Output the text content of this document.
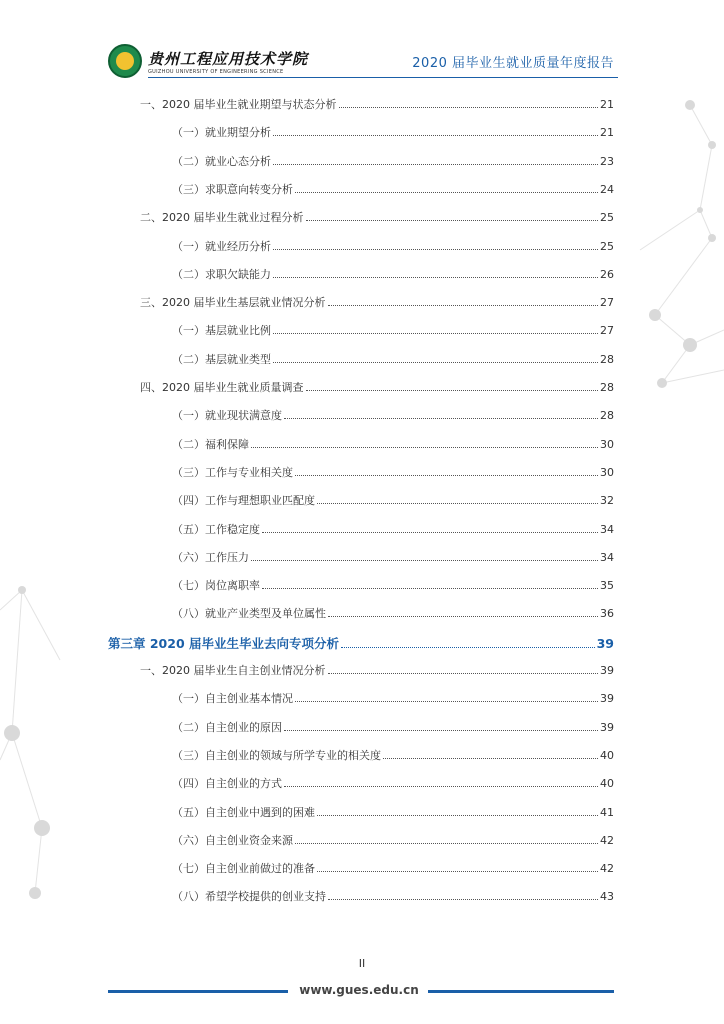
贵州工程应用技术学院
GUIZHOU UNIVERSITY OF ENGINEERING SCIENCE
2020 届毕业生就业质量年度报告
一、2020 届毕业生就业期望与状态分析	21
（一）就业期望分析	21
（二）就业心态分析	23
（三）求职意向转变分析	24
二、2020 届毕业生就业过程分析	25
（一）就业经历分析	25
（二）求职欠缺能力	26
三、2020 届毕业生基层就业情况分析	27
（一）基层就业比例	27
（二）基层就业类型	28
四、2020 届毕业生就业质量调查	28
（一）就业现状满意度	28
（二）福利保障	30
（三）工作与专业相关度	30
（四）工作与理想职业匹配度	32
（五）工作稳定度	34
（六）工作压力	34
（七）岗位离职率	35
（八）就业产业类型及单位属性	36
第三章 2020 届毕业生毕业去向专项分析	39
一、2020 届毕业生自主创业情况分析	39
（一）自主创业基本情况	39
（二）自主创业的原因	39
（三）自主创业的领域与所学专业的相关度	40
（四）自主创业的方式	40
（五）自主创业中遇到的困难	41
（六）自主创业资金来源	42
（七）自主创业前做过的准备	42
（八）希望学校提供的创业支持	43
II
www.gues.edu.cn
